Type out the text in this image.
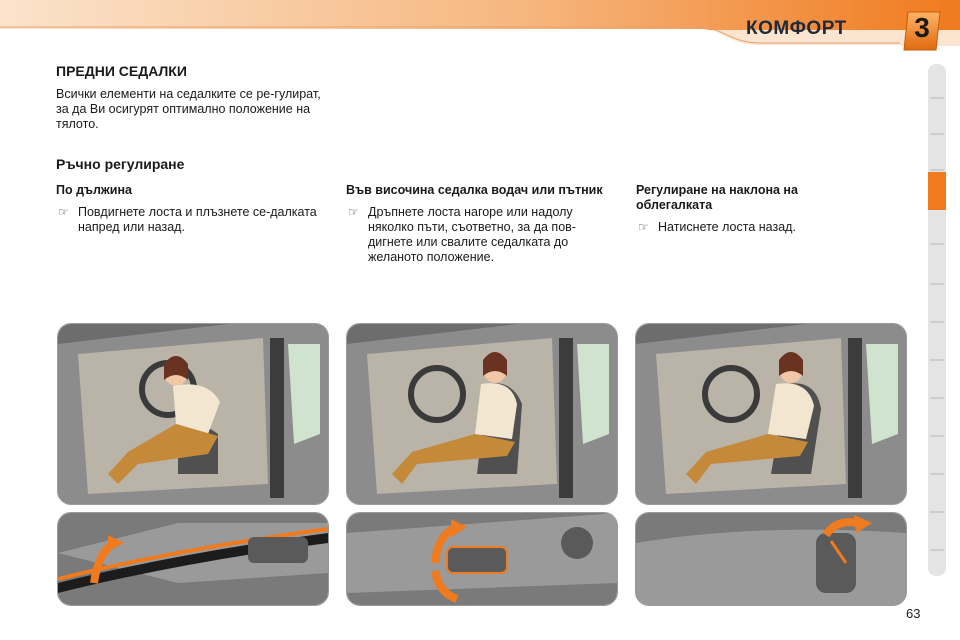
КОМФОРТ	3
ПРЕДНИ СЕДАЛКИ
Всички елементи на седалките се ре-гулират, за да Ви осигурят оптимално положение на тялото.
Ръчно регулиране
По дължина
☞ Повдигнете лоста и плъзнете се-далката напред или назад.
Във височина седалка водач или пътник
☞ Дръпнете лоста нагоре или надолу няколко пъти, съответно, за да пов-дигнете или свалите седалката до желаното положение.
Регулиране на наклона на облегалката
☞ Натиснете лоста назад.
63
